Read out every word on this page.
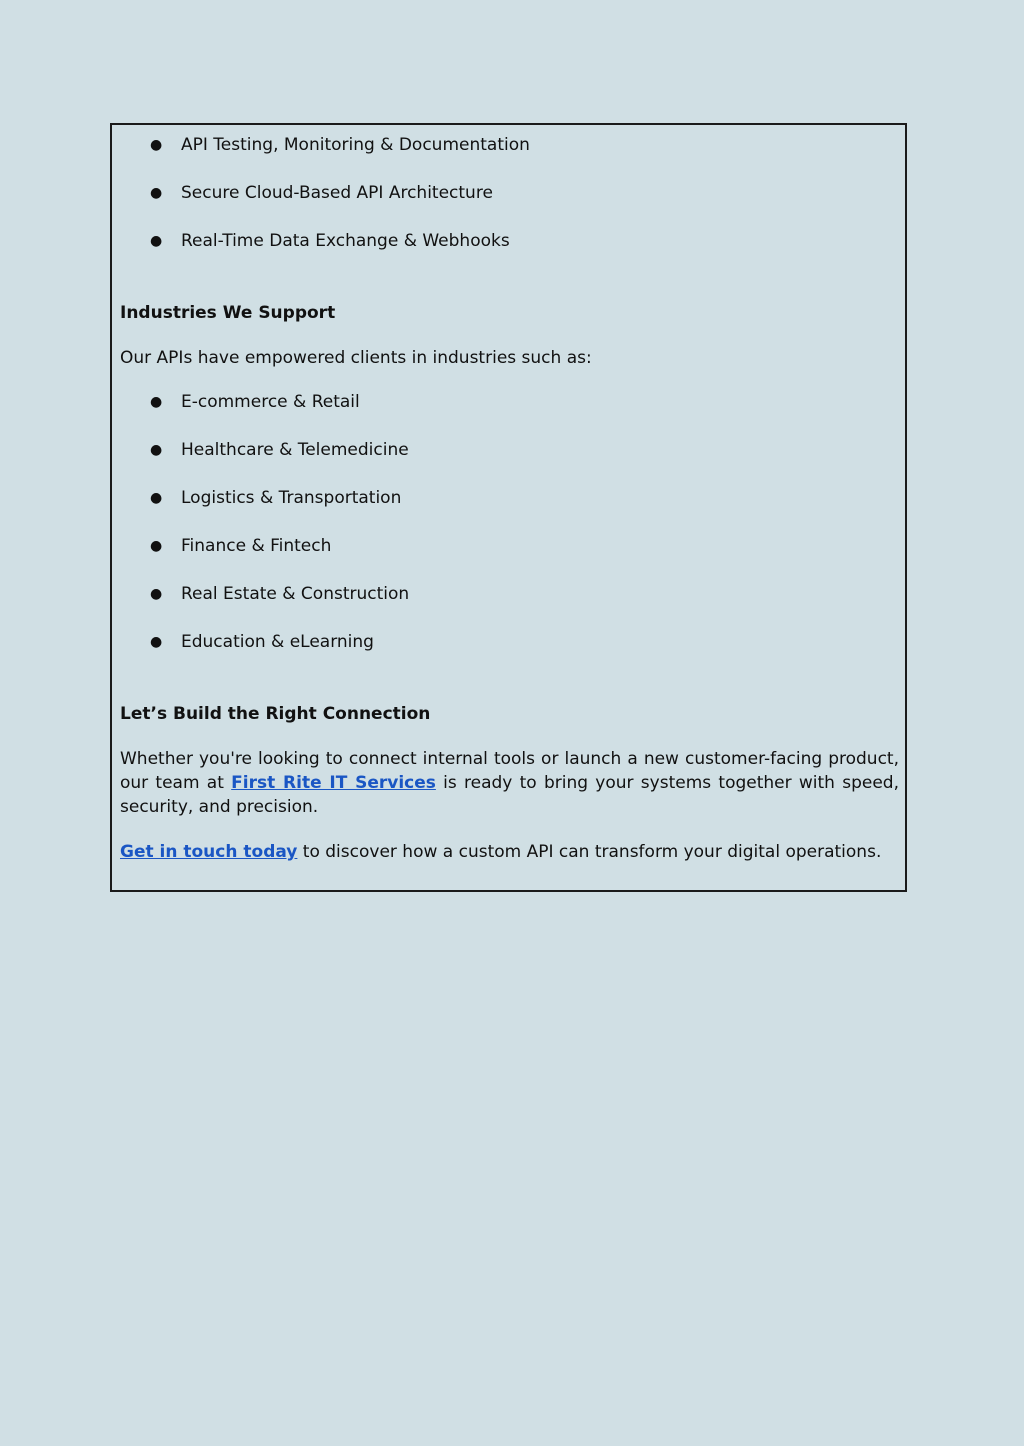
● API Testing, Monitoring & Documentation

● Secure Cloud-Based API Architecture

● Real-Time Data Exchange & Webhooks

Industries We Support

Our APIs have empowered clients in industries such as:

● E-commerce & Retail

● Healthcare & Telemedicine

● Logistics & Transportation

● Finance & Fintech

● Real Estate & Construction

● Education & eLearning

Let’s Build the Right Connection

Whether you're looking to connect internal tools or launch a new customer-facing product, our team at First Rite IT Services is ready to bring your systems together with speed, security, and precision.

Get in touch today to discover how a custom API can transform your digital operations.
